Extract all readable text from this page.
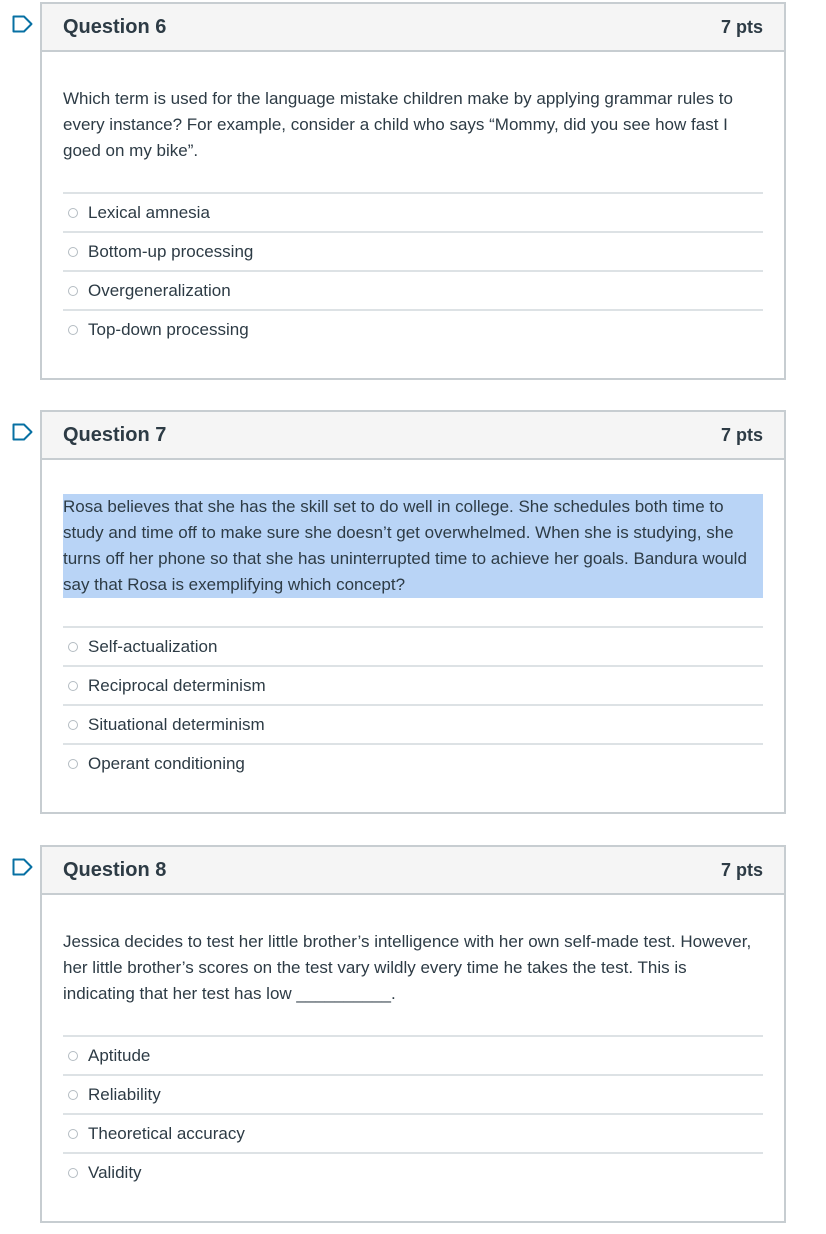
Question 6	7 pts

Which term is used for the language mistake children make by applying grammar rules to every instance? For example, consider a child who says “Mommy, did you see how fast I goed on my bike”.

Lexical amnesia
Bottom-up processing
Overgeneralization
Top-down processing
Question 7	7 pts

Rosa believes that she has the skill set to do well in college. She schedules both time to study and time off to make sure she doesn’t get overwhelmed. When she is studying, she turns off her phone so that she has uninterrupted time to achieve her goals. Bandura would say that Rosa is exemplifying which concept?

Self-actualization
Reciprocal determinism
Situational determinism
Operant conditioning
Question 8	7 pts

Jessica decides to test her little brother’s intelligence with her own self-made test. However, her little brother’s scores on the test vary wildly every time he takes the test. This is indicating that her test has low __________.

Aptitude
Reliability
Theoretical accuracy
Validity
